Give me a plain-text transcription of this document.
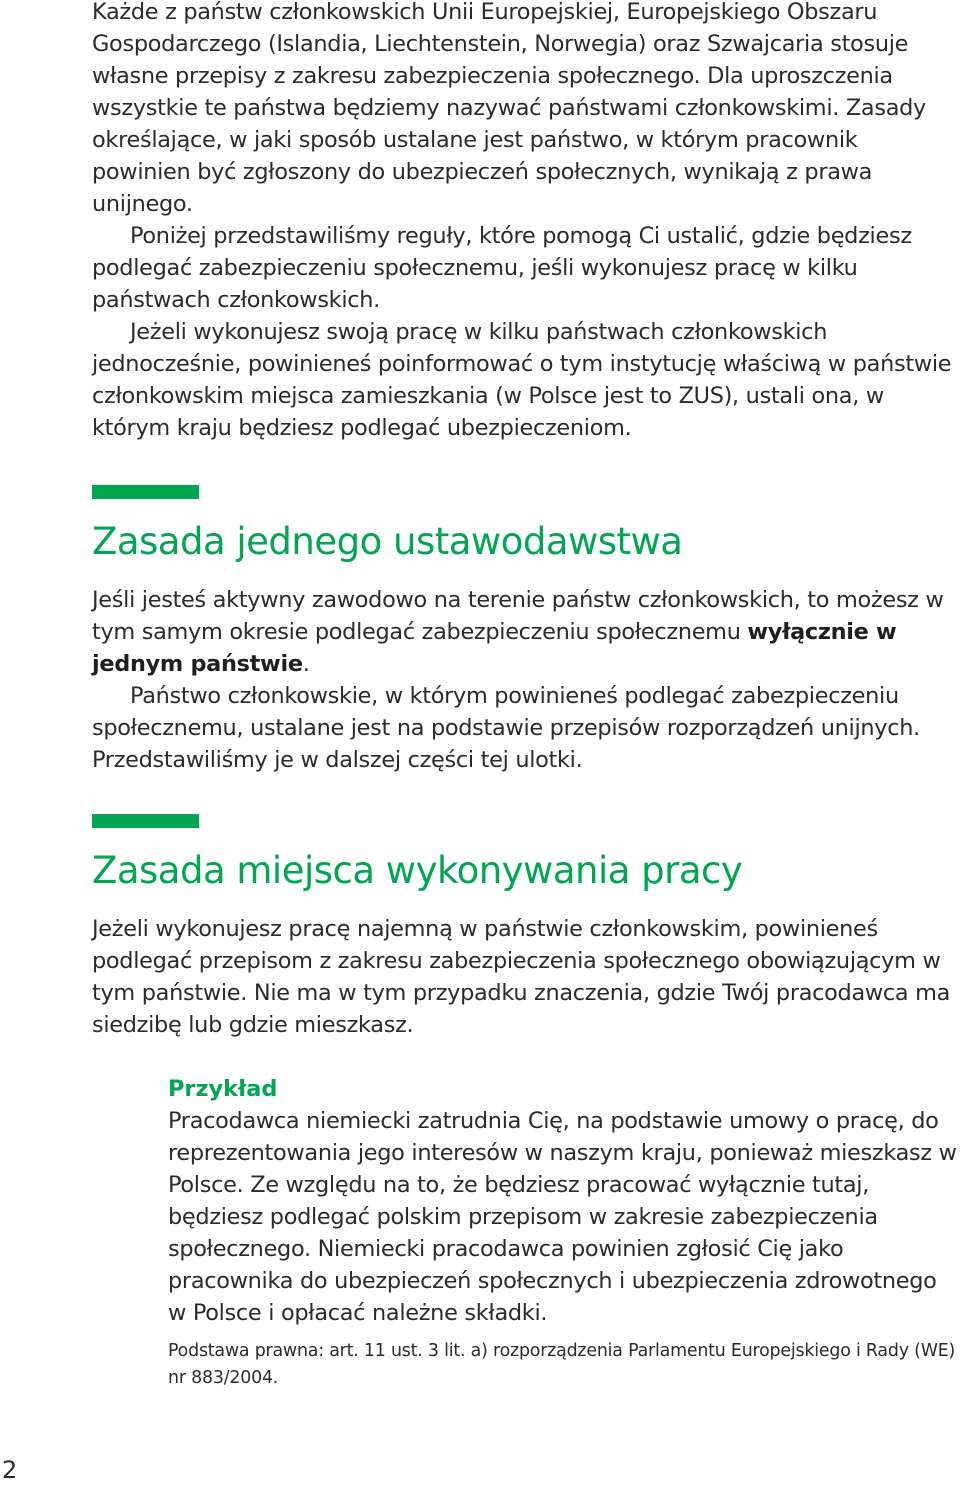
Każde z państw członkowskich Unii Europejskiej, Europejskiego Obszaru Gospodarczego (Islandia, Liechtenstein, Norwegia) oraz Szwajcaria stosuje własne przepisy z zakresu zabezpieczenia społecznego. Dla uproszczenia wszystkie te państwa będziemy nazywać państwami członkowskimi. Zasady określające, w jaki sposób ustalane jest państwo, w którym pracownik powinien być zgłoszony do ubezpieczeń społecznych, wynikają z prawa unijnego.

Poniżej przedstawiliśmy reguły, które pomogą Ci ustalić, gdzie będziesz podlegać zabezpieczeniu społecznemu, jeśli wykonujesz pracę w kilku państwach członkowskich.

Jeżeli wykonujesz swoją pracę w kilku państwach członkowskich jednocześnie, powinieneś poinformować o tym instytucję właściwą w państwie członkowskim miejsca zamieszkania (w Polsce jest to ZUS), ustali ona, w którym kraju będziesz podlegać ubezpieczeniom.

Zasada jednego ustawodawstwa

Jeśli jesteś aktywny zawodowo na terenie państw członkowskich, to możesz w tym samym okresie podlegać zabezpieczeniu społecznemu wyłącznie w jednym państwie.

Państwo członkowskie, w którym powinieneś podlegać zabezpieczeniu społecznemu, ustalane jest na podstawie przepisów rozporządzeń unijnych. Przedstawiliśmy je w dalszej części tej ulotki.

Zasada miejsca wykonywania pracy

Jeżeli wykonujesz pracę najemną w państwie członkowskim, powinieneś podlegać przepisom z zakresu zabezpieczenia społecznego obowiązującym w tym państwie. Nie ma w tym przypadku znaczenia, gdzie Twój pracodawca ma siedzibę lub gdzie mieszkasz.

Przykład

Pracodawca niemiecki zatrudnia Cię, na podstawie umowy o pracę, do reprezentowania jego interesów w naszym kraju, ponieważ mieszkasz w Polsce. Ze względu na to, że będziesz pracować wyłącznie tutaj, będziesz podlegać polskim przepisom w zakresie zabezpieczenia społecznego. Niemiecki pracodawca powinien zgłosić Cię jako pracownika do ubezpieczeń społecznych i ubezpieczenia zdrowotnego w Polsce i opłacać należne składki.

Podstawa prawna: art. 11 ust. 3 lit. a) rozporządzenia Parlamentu Europejskiego i Rady (WE) nr 883/2004.

2
